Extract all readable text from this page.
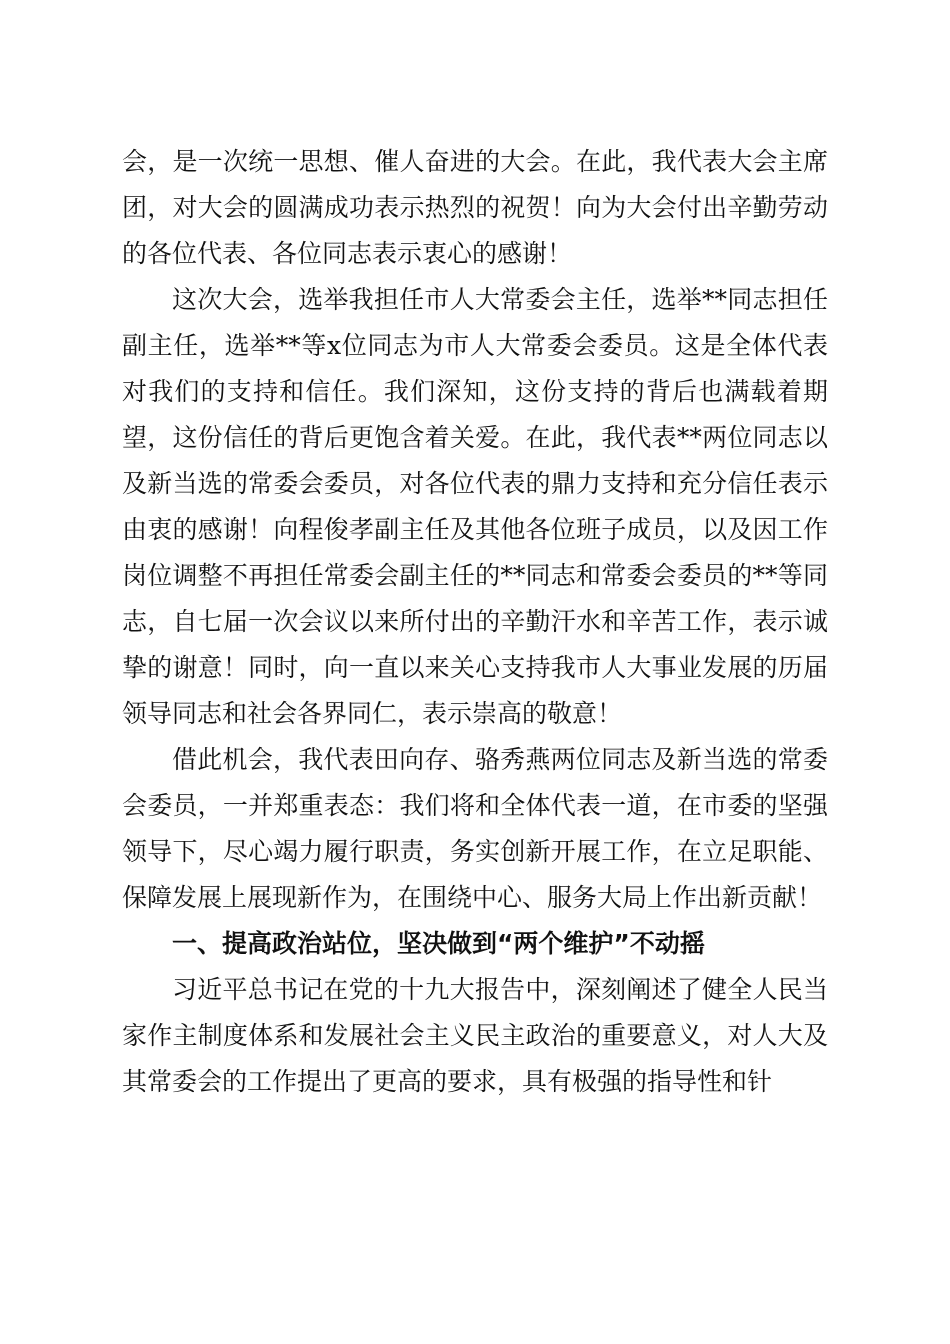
会，是一次统一思想、催人奋进的大会。在此，我代表大会主席团，对大会的圆满成功表示热烈的祝贺！向为大会付出辛勤劳动的各位代表、各位同志表示衷心的感谢！

这次大会，选举我担任市人大常委会主任，选举**同志担任副主任，选举**等x位同志为市人大常委会委员。这是全体代表对我们的支持和信任。我们深知，这份支持的背后也满载着期望，这份信任的背后更饱含着关爱。在此，我代表**两位同志以及新当选的常委会委员，对各位代表的鼎力支持和充分信任表示由衷的感谢！向程俊孝副主任及其他各位班子成员，以及因工作岗位调整不再担任常委会副主任的**同志和常委会委员的**等同志，自七届一次会议以来所付出的辛勤汗水和辛苦工作，表示诚挚的谢意！同时，向一直以来关心支持我市人大事业发展的历届领导同志和社会各界同仁，表示崇高的敬意！

借此机会，我代表田向存、骆秀燕两位同志及新当选的常委会委员，一并郑重表态：我们将和全体代表一道，在市委的坚强领导下，尽心竭力履行职责，务实创新开展工作，在立足职能、保障发展上展现新作为，在围绕中心、服务大局上作出新贡献！

一、提高政治站位，坚决做到“两个维护”不动摇

习近平总书记在党的十九大报告中，深刻阐述了健全人民当家作主制度体系和发展社会主义民主政治的重要意义，对人大及其常委会的工作提出了更高的要求，具有极强的指导性和针
